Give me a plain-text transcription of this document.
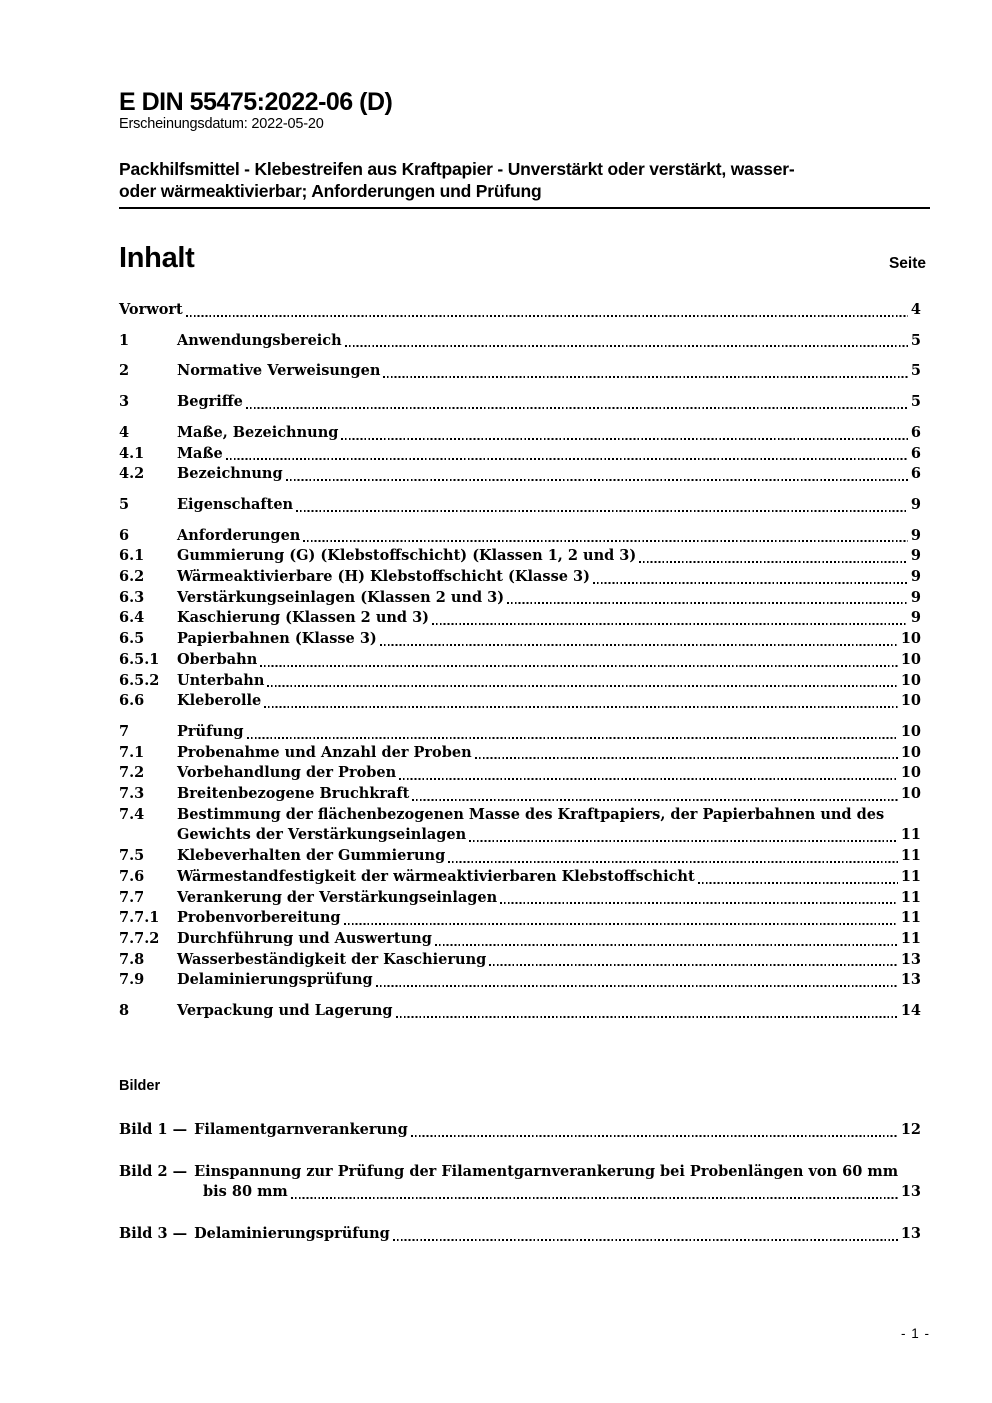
E DIN 55475:2022-06 (D)
Erscheinungsdatum: 2022-05-20
Packhilfsmittel - Klebestreifen aus Kraftpapier - Unverstärkt oder verstärkt, wasser-
oder wärmeaktivierbar; Anforderungen und Prüfung
Inhalt	Seite
Vorwort	4
1	Anwendungsbereich	5
2	Normative Verweisungen	5
3	Begriffe	5
4	Maße, Bezeichnung	6
4.1	Maße	6
4.2	Bezeichnung	6
5	Eigenschaften	9
6	Anforderungen	9
6.1	Gummierung (G) (Klebstoffschicht) (Klassen 1, 2 und 3)	9
6.2	Wärmeaktivierbare (H) Klebstoffschicht (Klasse 3)	9
6.3	Verstärkungseinlagen (Klassen 2 und 3)	9
6.4	Kaschierung (Klassen 2 und 3)	9
6.5	Papierbahnen (Klasse 3)	10
6.5.1	Oberbahn	10
6.5.2	Unterbahn	10
6.6	Kleberolle	10
7	Prüfung	10
7.1	Probenahme und Anzahl der Proben	10
7.2	Vorbehandlung der Proben	10
7.3	Breitenbezogene Bruchkraft	10
7.4	Bestimmung der flächenbezogenen Masse des Kraftpapiers, der Papierbahnen und des
Gewichts der Verstärkungseinlagen	11
7.5	Klebeverhalten der Gummierung	11
7.6	Wärmestandfestigkeit der wärmeaktivierbaren Klebstoffschicht	11
7.7	Verankerung der Verstärkungseinlagen	11
7.7.1	Probenvorbereitung	11
7.7.2	Durchführung und Auswertung	11
7.8	Wasserbeständigkeit der Kaschierung	13
7.9	Delaminierungsprüfung	13
8	Verpackung und Lagerung	14
Bilder
Bild 1 — Filamentgarnverankerung	12
Bild 2 — Einspannung zur Prüfung der Filamentgarnverankerung bei Probenlängen von 60 mm
bis 80 mm	13
Bild 3 — Delaminierungsprüfung	13
- 1 -
